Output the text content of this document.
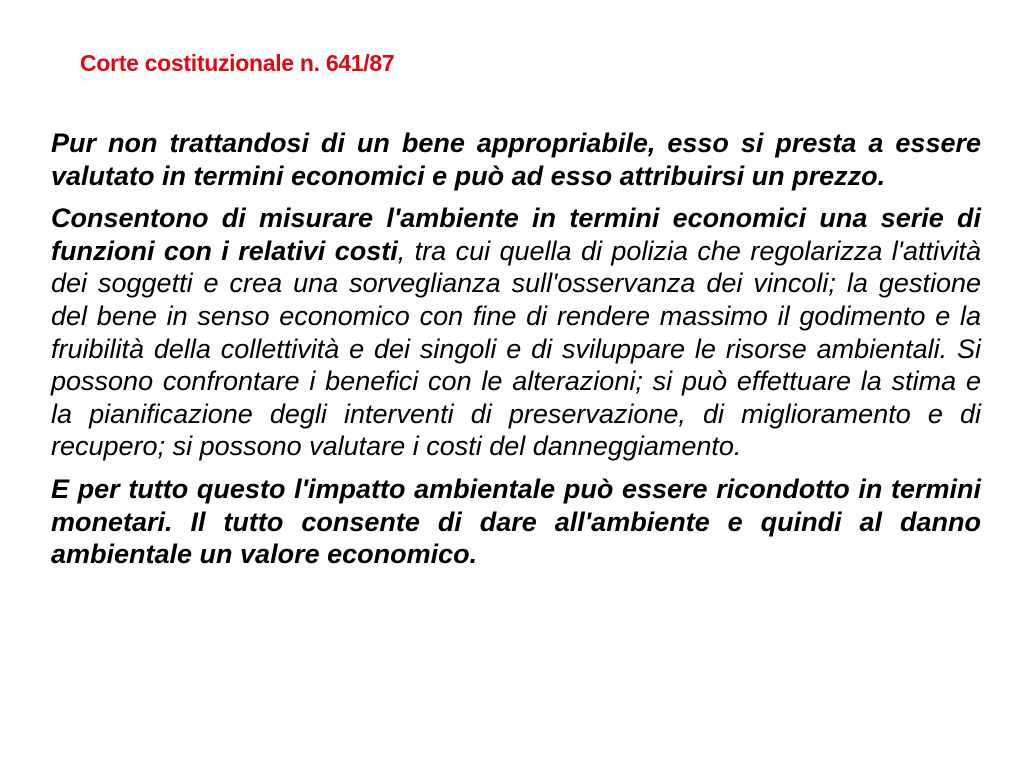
Corte costituzionale n. 641/87

Pur non trattandosi di un bene appropriabile, esso si presta a essere valutato in termini economici e può ad esso attribuirsi un prezzo.

Consentono di misurare l'ambiente in termini economici una serie di funzioni con i relativi costi, tra cui quella di polizia che regolarizza l'attività dei soggetti e crea una sorveglianza sull'osservanza dei vincoli; la gestione del bene in senso economico con fine di rendere massimo il godimento e la fruibilità della collettività e dei singoli e di sviluppare le risorse ambientali. Si possono confrontare i benefici con le alterazioni; si può effettuare la stima e la pianificazione degli interventi di preservazione, di miglioramento e di recupero; si possono valutare i costi del danneggiamento.

E per tutto questo l'impatto ambientale può essere ricondotto in termini monetari. Il tutto consente di dare all'ambiente e quindi al danno ambientale un valore economico.
